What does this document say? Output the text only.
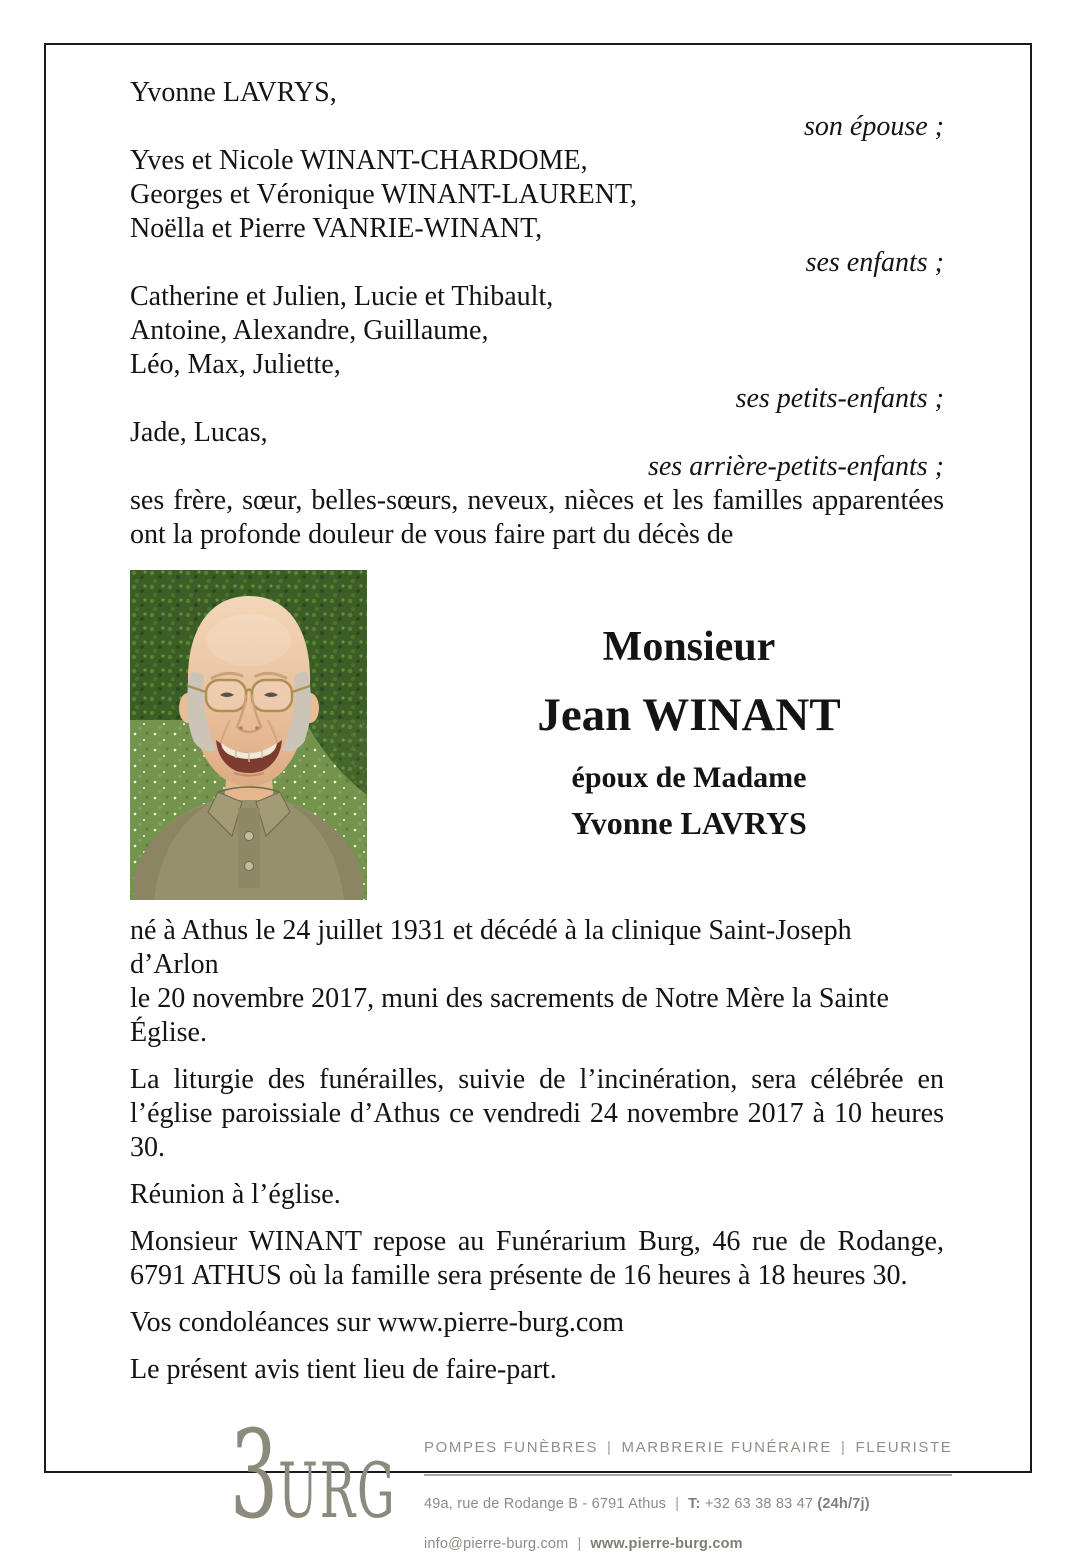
Yvonne LAVRYS,

son épouse ;

Yves et Nicole WINANT-CHARDOME,

Georges et Véronique WINANT-LAURENT,

Noëlla et Pierre VANRIE-WINANT,

ses enfants ;

Catherine et Julien, Lucie et Thibault,

Antoine, Alexandre, Guillaume,

Léo, Max, Juliette,

ses petits-enfants ;

Jade, Lucas,

ses arrière-petits-enfants ;

ses frère, sœur, belles-sœurs, neveux, nièces et les familles apparentées ont la profonde douleur de vous faire part du décès de

Monsieur
Jean WINANT
époux de Madame
Yvonne LAVRYS

né à Athus le 24 juillet 1931 et décédé à la clinique Saint-Joseph d’Arlon

le 20 novembre 2017, muni des sacrements de Notre Mère la Sainte Église.

La liturgie des funérailles, suivie de l’incinération, sera célébrée en l’église paroissiale d’Athus ce vendredi 24 novembre 2017 à 10 heures 30.

Réunion à l’église.

Monsieur WINANT repose au Funérarium Burg, 46 rue de Rodange, 6791 ATHUS où la famille sera présente de 16 heures à 18 heures 30.

Vos condoléances sur www.pierre-burg.com

Le présent avis tient lieu de faire-part.

3URG POMPES FUNÈBRES | MARBRERIE FUNÉRAIRE | FLEURISTE
49a, rue de Rodange B - 6791 Athus | T: +32 63 38 83 47 (24h/7j)
info@pierre-burg.com | www.pierre-burg.com
